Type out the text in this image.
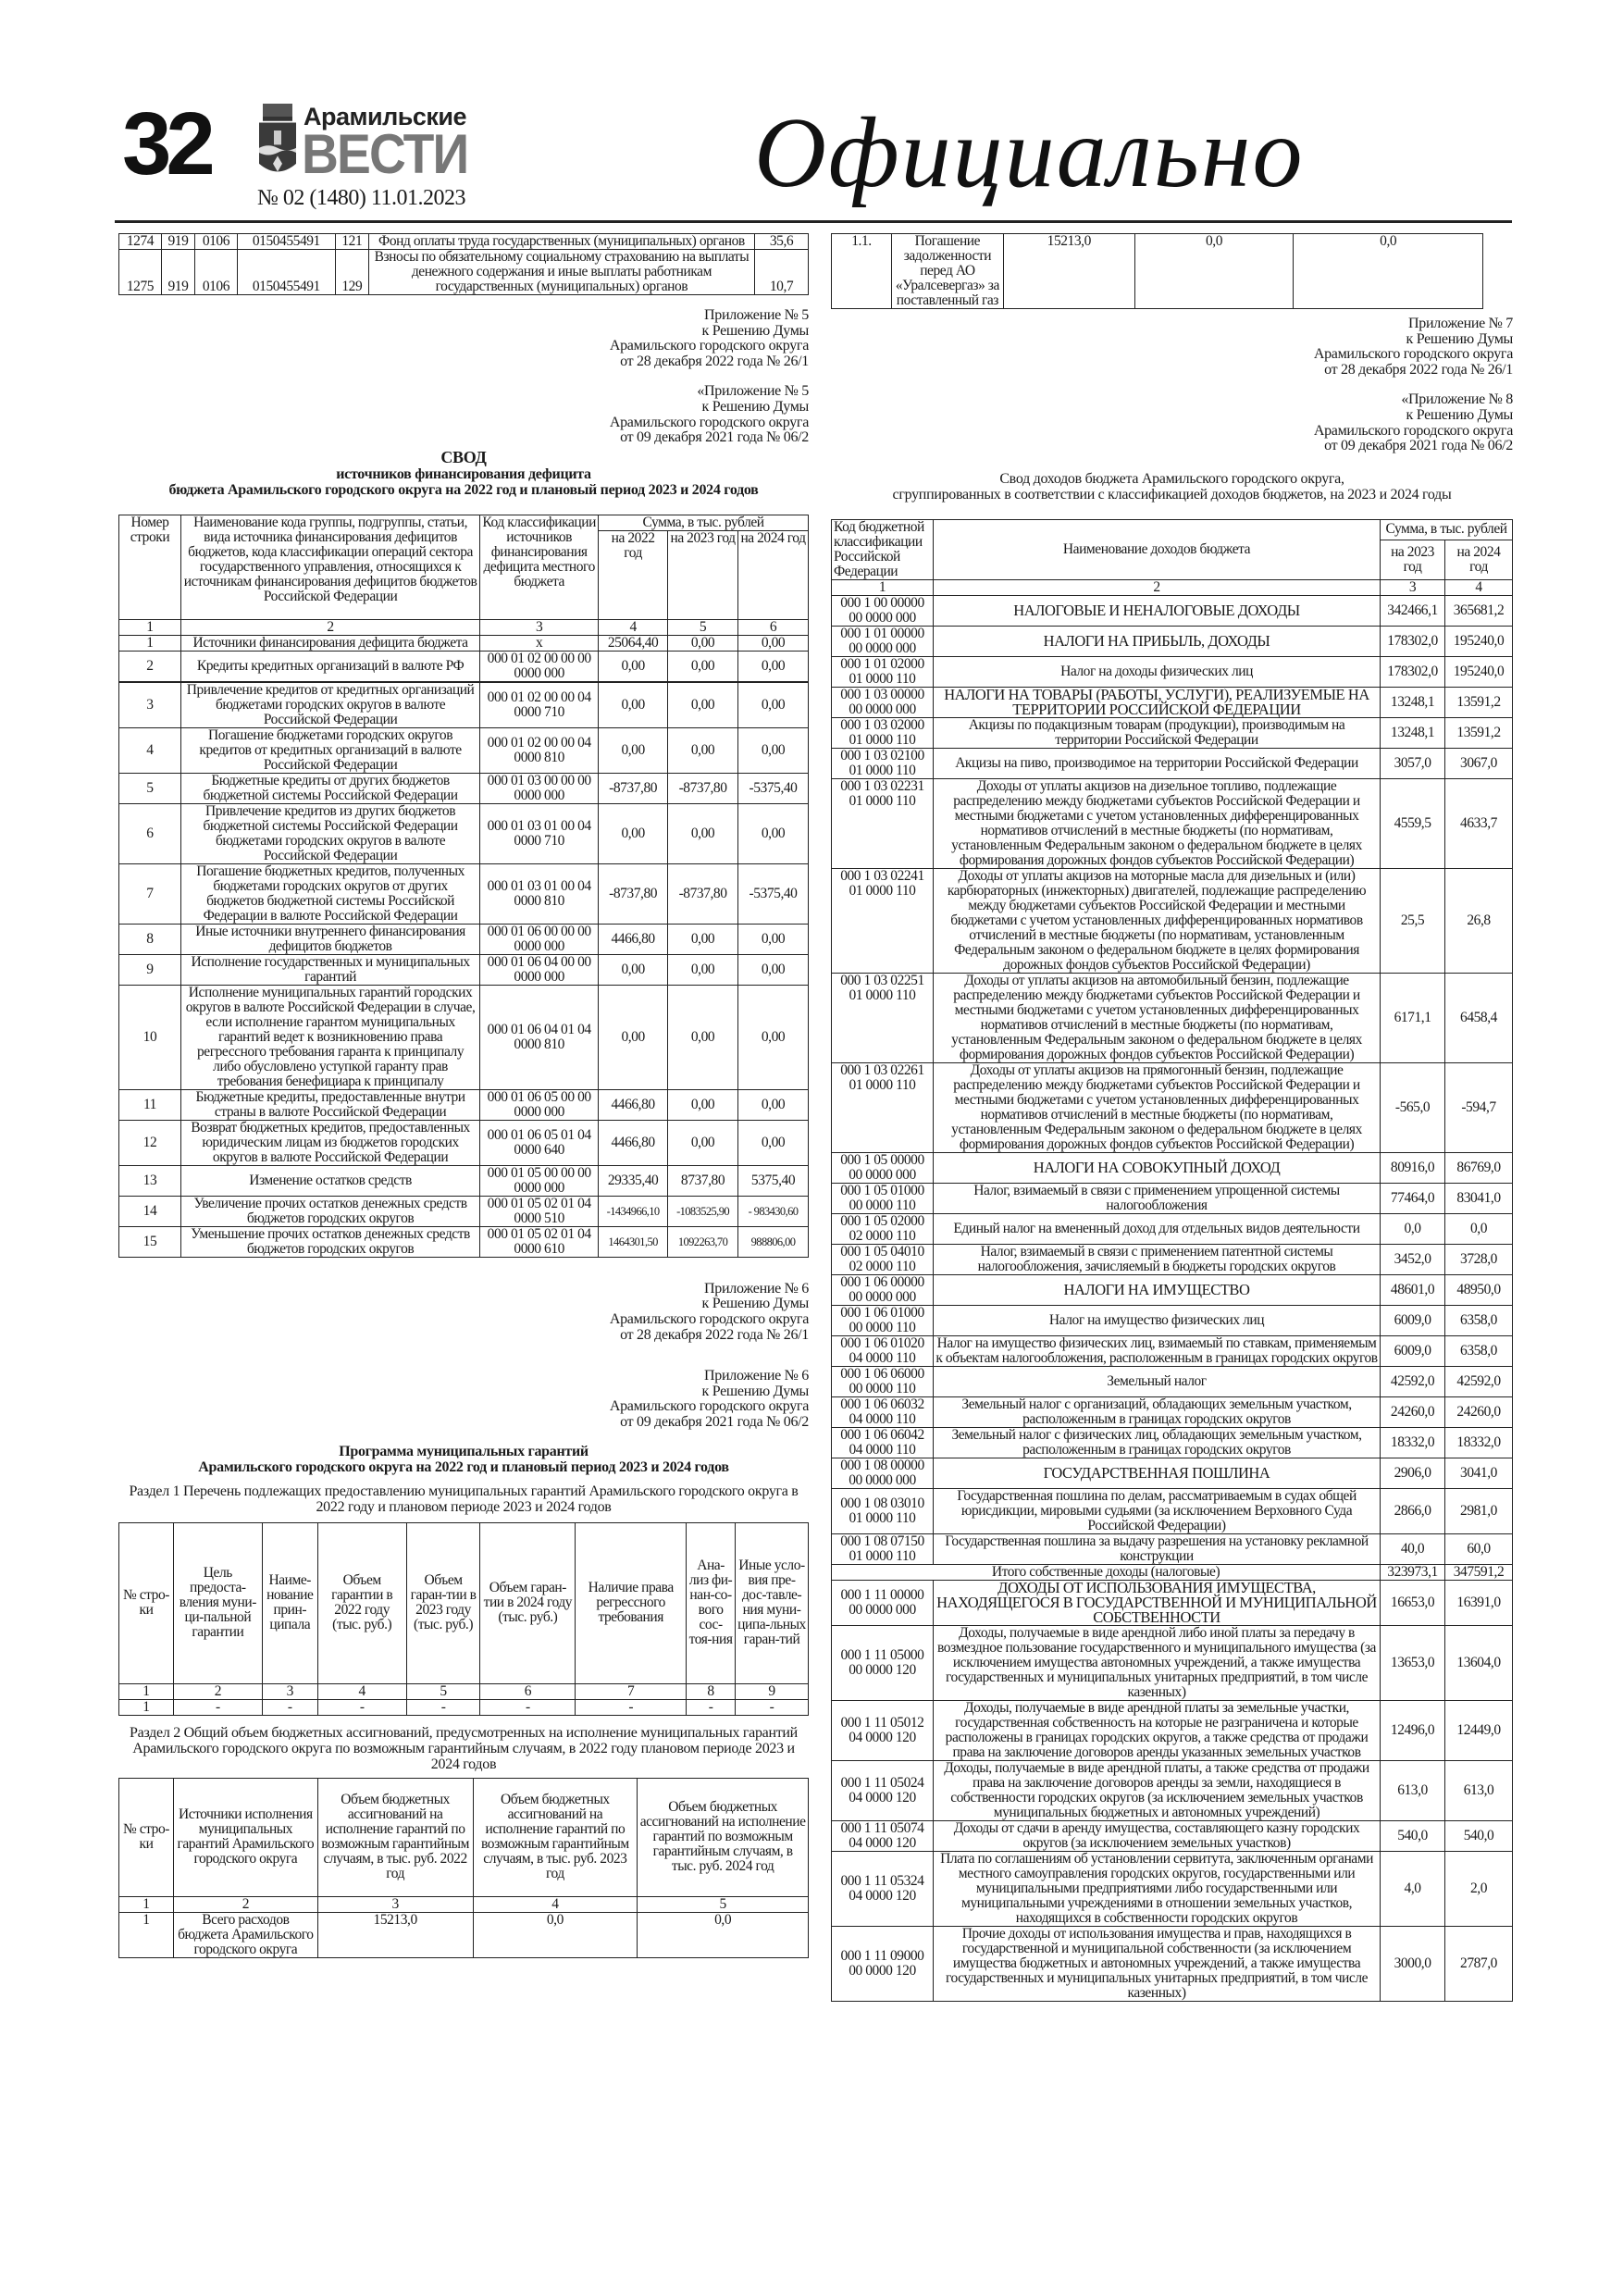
32	Арамильские
ВЕСТИ
№ 02 (1480) 11.01.2023	Официально
1274	919	0106	0150455491	121	Фонд оплаты труда государственных (муниципальных) органов	35,6
1275	919	0106	0150455491	129	Взносы по обязательному социальному страхованию на выплаты денежного содержания и иные выплаты работникам государственных (муниципальных) органов	10,7
Приложение № 5
к Решению Думы
Арамильского городского округа
от 28 декабря 2022 года № 26/1
«Приложение № 5
к Решению Думы
Арамильского городского округа
от 09 декабря 2021 года № 06/2
СВОД
источников финансирования дефицита
бюджета Арамильского городского округа на 2022 год и плановый период 2023 и 2024 годов
Номер строки	Наименование кода группы, подгруппы, статьи, вида источника финансирования дефицитов бюджетов, кода классификации операций сектора государственного управления, относящихся к источникам финансирования дефицитов бюджетов Российской Федерации	Код классификации источников финансирования дефицита местного бюджета	Сумма, в тыс. рублей		
			на 2022 год	на 2023 год	на 2024 год
1	2	3	4	5	6
1	Источники финансирования дефицита бюджета	x	25064,40	0,00	0,00
2	Кредиты кредитных организаций в валюте РФ	000 01 02 00 00 00 0000 000	0,00	0,00	0,00
3	Привлечение кредитов от кредитных организаций бюджетами городских округов в валюте Российской Федерации	000 01 02 00 00 04 0000 710	0,00	0,00	0,00
4	Погашение бюджетами городских округов кредитов от кредитных организаций в валюте Российской Федерации	000 01 02 00 00 04 0000 810	0,00	0,00	0,00
5	Бюджетные кредиты от других бюджетов бюджетной системы Российской Федерации	000 01 03 00 00 00 0000 000	-8737,80	-8737,80	-5375,40
6	Привлечение кредитов из других бюджетов бюджетной системы Российской Федерации бюджетами городских округов в валюте Российской Федерации	000 01 03 01 00 04 0000 710	0,00	0,00	0,00
7	Погашение бюджетных кредитов, полученных бюджетами городских округов от других бюджетов бюджетной системы Российской Федерации в валюте Российской Федерации	000 01 03 01 00 04 0000 810	-8737,80	-8737,80	-5375,40
8	Иные источники внутреннего финансирования дефицитов бюджетов	000 01 06 00 00 00 0000 000	4466,80	0,00	0,00
9	Исполнение государственных и муниципальных гарантий	000 01 06 04 00 00 0000 000	0,00	0,00	0,00
10	Исполнение муниципальных гарантий городских округов в валюте Российской Федерации в случае, если исполнение гарантом муниципальных гарантий ведет к возникновению права регрессного требования гаранта к принципалу либо обусловлено уступкой гаранту прав требования бенефициара к принципалу	000 01 06 04 01 04 0000 810	0,00	0,00	0,00
11	Бюджетные кредиты, предоставленные внутри страны в валюте Российской Федерации	000 01 06 05 00 00 0000 000	4466,80	0,00	0,00
12	Возврат бюджетных кредитов, предоставленных юридическим лицам из бюджетов городских округов в валюте Российской Федерации	000 01 06 05 01 04 0000 640	4466,80	0,00	0,00
13	Изменение остатков средств	000 01 05 00 00 00 0000 000	29335,40	8737,80	5375,40
14	Увеличение прочих остатков денежных средств бюджетов городских округов	000 01 05 02 01 04 0000 510	-1434966,10	-1083525,90	- 983430,60
15	Уменьшение прочих остатков денежных средств бюджетов городских округов	000 01 05 02 01 04 0000 610	1464301,50	1092263,70	988806,00
Приложение № 6
к Решению Думы
Арамильского городского округа
от 28 декабря 2022 года № 26/1
Приложение № 6
к Решению Думы
Арамильского городского округа
от 09 декабря 2021 года № 06/2
Программа муниципальных гарантий
Арамильского городского округа на 2022 год и плановый период 2023 и 2024 годов
Раздел 1 Перечень подлежащих предоставлению муниципальных гарантий Арамильского городского округа в 2022 году и плановом периоде 2023 и 2024 годов
№ стро-ки	Цель предоста-вления муни-ци-пальной гарантии	Наиме-нование прин-ципала	Объем гарантии в 2022 году (тыс. руб.)	Объем гаран-тии в 2023 году (тыс. руб.)	Объем гаран-тии в 2024 году (тыс. руб.)	Наличие права регрессного требования	Ана-лиз фи-нан-со-вого сос-тоя-ния	Иные усло-вия пре-дос-тавле-ния муни-ципа-льных гаран-тий
1	2	3	4	5	6	7	8	9
1	-	-	-	-	-	-	-	-
Раздел 2 Общий объем бюджетных ассигнований, предусмотренных на исполнение муниципальных гарантий Арамильского городского округа по возможным гарантийным случаям, в 2022 году плановом периоде 2023 и 2024 годов
№ стро-ки	Источники исполнения муниципальных гарантий Арамильского городского округа	Объем бюджетных ассигнований на исполнение гарантий по возможным гарантийным случаям, в тыс. руб. 2022 год	Объем бюджетных ассигнований на исполнение гарантий по возможным гарантийным случаям, в тыс. руб. 2023 год	Объем бюджетных ассигнований на исполнение гарантий по возможным гарантийным случаям, в тыс. руб. 2024 год
1	2	3	4	5
1	Всего расходов бюджета Арамильского городского округа	15213,0	0,0	0,0
1.1.	Погашение задолженности перед АО «Уралсевергаз» за поставленный газ	15213,0	0,0	0,0
Приложение № 7
к Решению Думы
Арамильского городского округа
от 28 декабря 2022 года № 26/1
«Приложение № 8
к Решению Думы
Арамильского городского округа
от 09 декабря 2021 года № 06/2
Свод доходов бюджета Арамильского городского округа,
сгруппированных в соответствии с классификацией доходов бюджетов, на 2023 и 2024 годы
Код бюджетной классификации Российской Федерации	Наименование доходов бюджета	Сумма, в тыс. рублей	
		на 2023 год	на 2024 год
1	2	3	4
000 1 00 00000 00 0000 000	НАЛОГОВЫЕ И НЕНАЛОГОВЫЕ ДОХОДЫ	342466,1	365681,2
000 1 01 00000 00 0000 000	НАЛОГИ НА ПРИБЫЛЬ, ДОХОДЫ	178302,0	195240,0
000 1 01 02000 01 0000 110	Налог на доходы физических лиц	178302,0	195240,0
000 1 03 00000 00 0000 000	НАЛОГИ НА ТОВАРЫ (РАБОТЫ, УСЛУГИ), РЕАЛИЗУЕМЫЕ НА ТЕРРИТОРИИ РОССИЙСКОЙ ФЕДЕРАЦИИ	13248,1	13591,2
000 1 03 02000 01 0000 110	Акцизы по подакцизным товарам (продукции), производимым на территории Российской Федерации	13248,1	13591,2
000 1 03 02100 01 0000 110	Акцизы на пиво, производимое на территории Российской Федерации	3057,0	3067,0
000 1 03 02231 01 0000 110	Доходы от уплаты акцизов на дизельное топливо, подлежащие распределению между бюджетами субъектов Российской Федерации и местными бюджетами с учетом установленных дифференцированных нормативов отчислений в местные бюджеты (по нормативам, установленным Федеральным законом о федеральном бюджете в целях формирования дорожных фондов субъектов Российской Федерации)	4559,5	4633,7
000 1 03 02241 01 0000 110	Доходы от уплаты акцизов на моторные масла для дизельных и (или) карбюраторных (инжекторных) двигателей, подлежащие распределению между бюджетами субъектов Российской Федерации и местными бюджетами с учетом установленных дифференцированных нормативов отчислений в местные бюджеты (по нормативам, установленным Федеральным законом о федеральном бюджете в целях формирования дорожных фондов субъектов Российской Федерации)	25,5	26,8
000 1 03 02251 01 0000 110	Доходы от уплаты акцизов на автомобильный бензин, подлежащие распределению между бюджетами субъектов Российской Федерации и местными бюджетами с учетом установленных дифференцированных нормативов отчислений в местные бюджеты (по нормативам, установленным Федеральным законом о федеральном бюджете в целях формирования дорожных фондов субъектов Российской Федерации)	6171,1	6458,4
000 1 03 02261 01 0000 110	Доходы от уплаты акцизов на прямогонный бензин, подлежащие распределению между бюджетами субъектов Российской Федерации и местными бюджетами с учетом установленных дифференцированных нормативов отчислений в местные бюджеты (по нормативам, установленным Федеральным законом о федеральном бюджете в целях формирования дорожных фондов субъектов Российской Федерации)	-565,0	-594,7
000 1 05 00000 00 0000 000	НАЛОГИ НА СОВОКУПНЫЙ ДОХОД	80916,0	86769,0
000 1 05 01000 00 0000 110	Налог, взимаемый в связи с применением упрощенной системы налогообложения	77464,0	83041,0
000 1 05 02000 02 0000 110	Единый налог на вмененный доход для отдельных видов деятельности	0,0	0,0
000 1 05 04010 02 0000 110	Налог, взимаемый в связи с применением патентной системы налогообложения, зачисляемый в бюджеты городских округов	3452,0	3728,0
000 1 06 00000 00 0000 000	НАЛОГИ НА ИМУЩЕСТВО	48601,0	48950,0
000 1 06 01000 00 0000 110	Налог на имущество физических лиц	6009,0	6358,0
000 1 06 01020 04 0000 110	Налог на имущество физических лиц, взимаемый по ставкам, применяемым к объектам налогообложения, расположенным в границах городских округов	6009,0	6358,0
000 1 06 06000 00 0000 110	Земельный налог	42592,0	42592,0
000 1 06 06032 04 0000 110	Земельный налог с организаций, обладающих земельным участком, расположенным в границах городских округов	24260,0	24260,0
000 1 06 06042 04 0000 110	Земельный налог с физических лиц, обладающих земельным участком, расположенным в границах городских округов	18332,0	18332,0
000 1 08 00000 00 0000 000	ГОСУДАРСТВЕННАЯ ПОШЛИНА	2906,0	3041,0
000 1 08 03010 01 0000 110	Государственная пошлина по делам, рассматриваемым в судах общей юрисдикции, мировыми судьями (за исключением Верховного Суда Российской Федерации)	2866,0	2981,0
000 1 08 07150 01 0000 110	Государственная пошлина за выдачу разрешения на установку рекламной конструкции	40,0	60,0
Итого собственные доходы (налоговые)		323973,1	347591,2
000 1 11 00000 00 0000 000	ДОХОДЫ ОТ ИСПОЛЬЗОВАНИЯ ИМУЩЕСТВА, НАХОДЯЩЕГОСЯ В ГОСУДАРСТВЕННОЙ И МУНИЦИПАЛЬНОЙ СОБСТВЕННОСТИ	16653,0	16391,0
000 1 11 05000 00 0000 120	Доходы, получаемые в виде арендной либо иной платы за передачу в возмездное пользование государственного и муниципального имущества (за исключением имущества автономных учреждений, а также имущества государственных и муниципальных унитарных предприятий, в том числе казенных)	13653,0	13604,0
000 1 11 05012 04 0000 120	Доходы, получаемые в виде арендной платы за земельные участки, государственная собственность на которые не разграничена и которые расположены в границах городских округов, а также средства от продажи права на заключение договоров аренды указанных земельных участков	12496,0	12449,0
000 1 11 05024 04 0000 120	Доходы, получаемые в виде арендной платы, а также средства от продажи права на заключение договоров аренды за земли, находящиеся в собственности городских округов (за исключением земельных участков муниципальных бюджетных и автономных учреждений)	613,0	613,0
000 1 11 05074 04 0000 120	Доходы от сдачи в аренду имущества, составляющего казну городских округов (за исключением земельных участков)	540,0	540,0
000 1 11 05324 04 0000 120	Плата по соглашениям об установлении сервитута, заключенным органами местного самоуправления городских округов, государственными или муниципальными предприятиями либо государственными или муниципальными учреждениями в отношении земельных участков, находящихся в собственности городских округов	4,0	2,0
000 1 11 09000 00 0000 120	Прочие доходы от использования имущества и прав, находящихся в государственной и муниципальной собственности (за исключением имущества бюджетных и автономных учреждений, а также имущества государственных и муниципальных унитарных предприятий, в том числе казенных)	3000,0	2787,0
